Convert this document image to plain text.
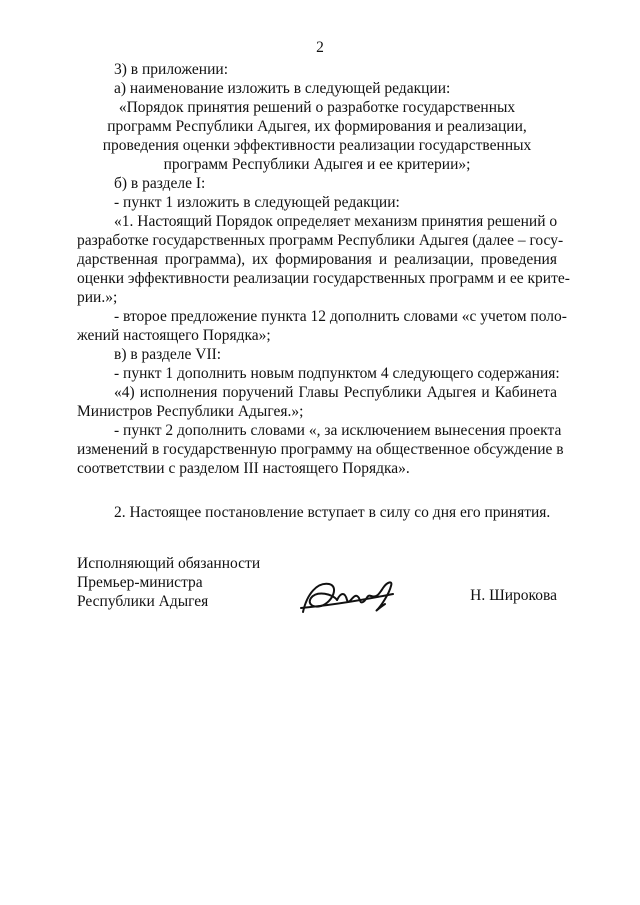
2
3) в приложении:
а) наименование изложить в следующей редакции:
«Порядок принятия решений о разработке государственных
программ Республики Адыгея, их формирования и реализации,
проведения оценки эффективности реализации государственных
программ Республики Адыгея и ее критерии»;
б) в разделе I:
- пункт 1 изложить в следующей редакции:
«1. Настоящий Порядок определяет механизм принятия решений о
разработке государственных программ Республики Адыгея (далее – госу-
дарственная программа), их формирования и реализации, проведения
оценки эффективности реализации государственных программ и ее крите-
рии.»;
- второе предложение пункта 12 дополнить словами «с учетом поло-
жений настоящего Порядка»;
в) в разделе VII:
- пункт 1 дополнить новым подпунктом 4 следующего содержания:
«4) исполнения поручений Главы Республики Адыгея и Кабинета
Министров Республики Адыгея.»;
- пункт 2 дополнить словами «, за исключением вынесения проекта
изменений в государственную программу на общественное обсуждение в
соответствии с разделом III настоящего Порядка».
2. Настоящее постановление вступает в силу со дня его принятия.
Исполняющий обязанности
Премьер-министра
Республики Адыгея	Н. Широкова
